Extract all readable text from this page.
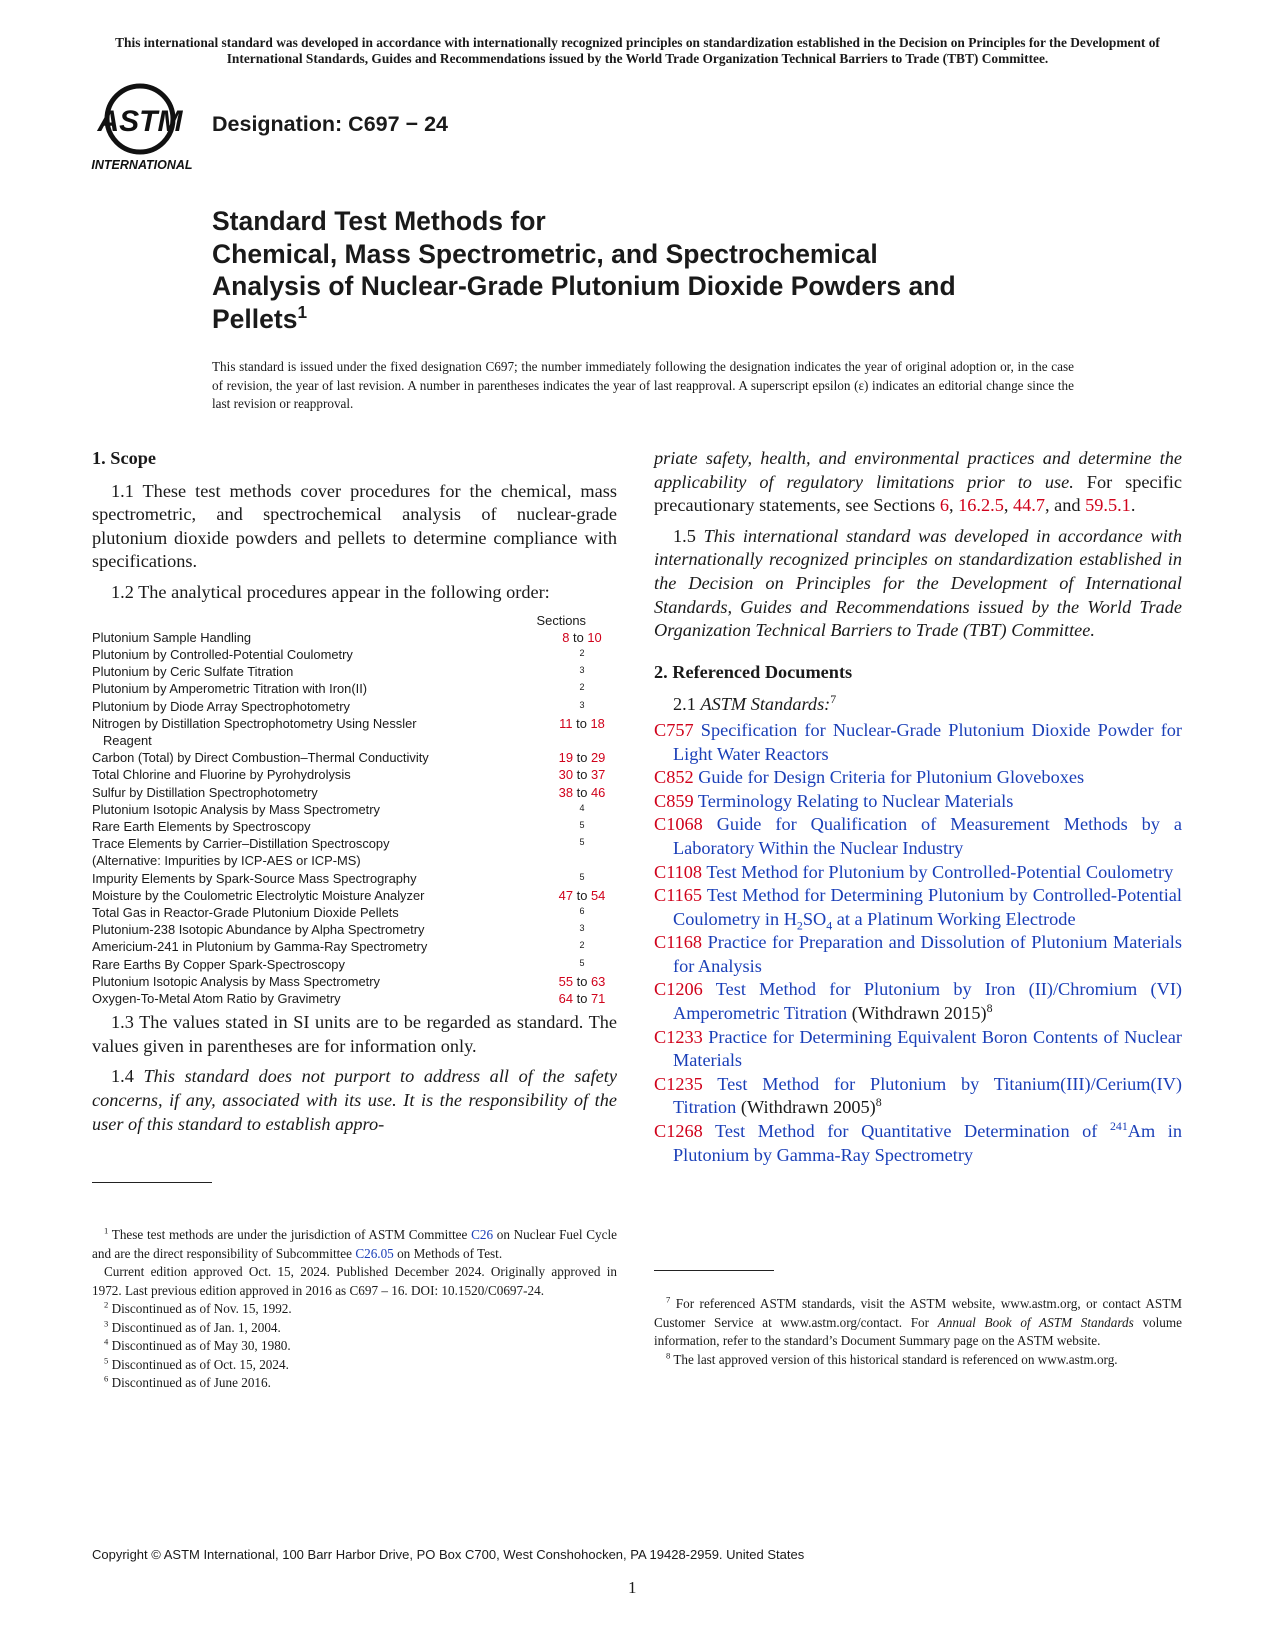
This international standard was developed in accordance with internationally recognized principles on standardization established in the Decision on Principles for the Development of International Standards, Guides and Recommendations issued by the World Trade Organization Technical Barriers to Trade (TBT) Committee.
ASTM
INTERNATIONAL
Designation: C697 − 24
Standard Test Methods for
Chemical, Mass Spectrometric, and Spectrochemical
Analysis of Nuclear-Grade Plutonium Dioxide Powders and
Pellets$^1$
This standard is issued under the fixed designation C697; the number immediately following the designation indicates the year of original adoption or, in the case of revision, the year of last revision. A number in parentheses indicates the year of last reapproval. A superscript epsilon (ε) indicates an editorial change since the last revision or reapproval.
1. Scope

1.1 These test methods cover procedures for the chemical, mass spectrometric, and spectrochemical analysis of nuclear-grade plutonium dioxide powders and pellets to determine compliance with specifications.

1.2 The analytical procedures appear in the following order:

Sections
Plutonium Sample Handling	8 to 10
Plutonium by Controlled-Potential Coulometry	$^2$
Plutonium by Ceric Sulfate Titration	$^3$
Plutonium by Amperometric Titration with Iron(II)	$^2$
Plutonium by Diode Array Spectrophotometry	$^3$
Nitrogen by Distillation Spectrophotometry Using Nessler	11 to 18
Reagent
Carbon (Total) by Direct Combustion–Thermal Conductivity	19 to 29
Total Chlorine and Fluorine by Pyrohydrolysis	30 to 37
Sulfur by Distillation Spectrophotometry	38 to 46
Plutonium Isotopic Analysis by Mass Spectrometry	$^4$
Rare Earth Elements by Spectroscopy	$^5$
Trace Elements by Carrier–Distillation Spectroscopy	$^5$
(Alternative: Impurities by ICP-AES or ICP-MS)
Impurity Elements by Spark-Source Mass Spectrography	$^5$
Moisture by the Coulometric Electrolytic Moisture Analyzer	47 to 54
Total Gas in Reactor-Grade Plutonium Dioxide Pellets	$^6$
Plutonium-238 Isotopic Abundance by Alpha Spectrometry	$^3$
Americium-241 in Plutonium by Gamma-Ray Spectrometry	$^2$
Rare Earths By Copper Spark-Spectroscopy	$^5$
Plutonium Isotopic Analysis by Mass Spectrometry	55 to 63
Oxygen-To-Metal Atom Ratio by Gravimetry	64 to 71

1.3 The values stated in SI units are to be regarded as standard. The values given in parentheses are for information only.

1.4 This standard does not purport to address all of the safety concerns, if any, associated with its use. It is the responsibility of the user of this standard to establish appro-

priate safety, health, and environmental practices and determine the applicability of regulatory limitations prior to use. For specific precautionary statements, see Sections 6, 16.2.5, 44.7, and 59.5.1.

1.5 This international standard was developed in accordance with internationally recognized principles on standardization established in the Decision on Principles for the Development of International Standards, Guides and Recommendations issued by the World Trade Organization Technical Barriers to Trade (TBT) Committee.

2. Referenced Documents

2.1 ASTM Standards:$^7$

C757 Specification for Nuclear-Grade Plutonium Dioxide Powder for Light Water Reactors

C852 Guide for Design Criteria for Plutonium Gloveboxes

C859 Terminology Relating to Nuclear Materials

C1068 Guide for Qualification of Measurement Methods by a Laboratory Within the Nuclear Industry

C1108 Test Method for Plutonium by Controlled-Potential Coulometry

C1165 Test Method for Determining Plutonium by Controlled-Potential Coulometry in $H_2SO_4$ at a Platinum Working Electrode

C1168 Practice for Preparation and Dissolution of Plutonium Materials for Analysis

C1206 Test Method for Plutonium by Iron (II)/Chromium (VI) Amperometric Titration (Withdrawn 2015)$^8$

C1233 Practice for Determining Equivalent Boron Contents of Nuclear Materials

C1235 Test Method for Plutonium by Titanium(III)/Cerium(IV) Titration (Withdrawn 2005)$^8$

C1268 Test Method for Quantitative Determination of $^{241}$Am in Plutonium by Gamma-Ray Spectrometry

$^1$ These test methods are under the jurisdiction of ASTM Committee C26 on Nuclear Fuel Cycle and are the direct responsibility of Subcommittee C26.05 on Methods of Test.

Current edition approved Oct. 15, 2024. Published December 2024. Originally approved in 1972. Last previous edition approved in 2016 as C697 – 16. DOI: 10.1520/C0697-24.

$^2$ Discontinued as of Nov. 15, 1992.

$^3$ Discontinued as of Jan. 1, 2004.

$^4$ Discontinued as of May 30, 1980.

$^5$ Discontinued as of Oct. 15, 2024.

$^6$ Discontinued as of June 2016.

$^7$ For referenced ASTM standards, visit the ASTM website, www.astm.org, or contact ASTM Customer Service at www.astm.org/contact. For Annual Book of ASTM Standards volume information, refer to the standard’s Document Summary page on the ASTM website.

$^8$ The last approved version of this historical standard is referenced on www.astm.org.

Copyright © ASTM International, 100 Barr Harbor Drive, PO Box C700, West Conshohocken, PA 19428-2959. United States
1
